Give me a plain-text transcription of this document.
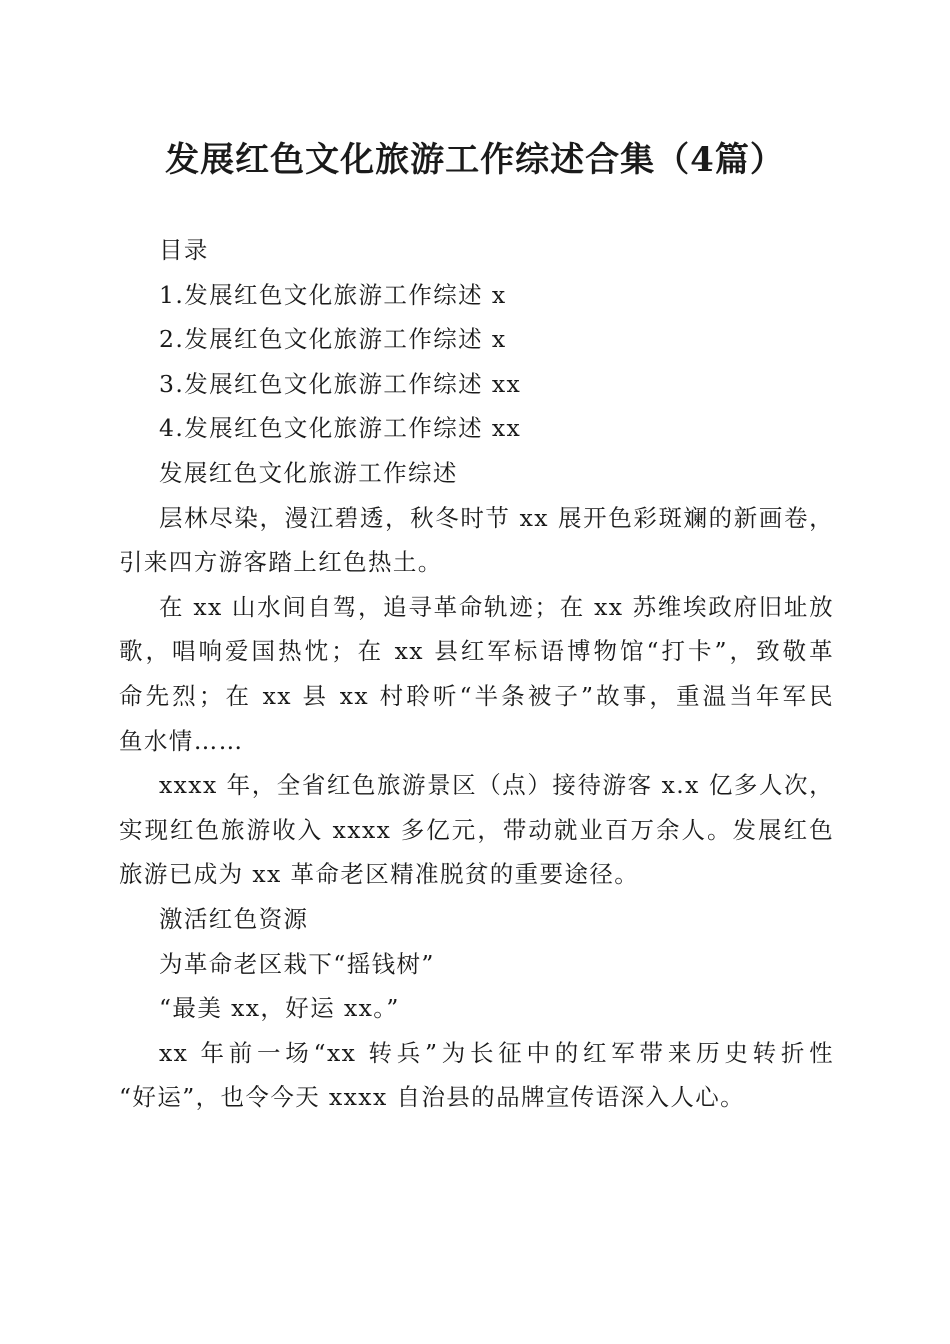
发展红色文化旅游工作综述合集（4篇）
目录
1.发展红色文化旅游工作综述 x
2.发展红色文化旅游工作综述 x
3.发展红色文化旅游工作综述 xx
4.发展红色文化旅游工作综述 xx
发展红色文化旅游工作综述
层林尽染，漫江碧透，秋冬时节 xx 展开色彩斑斓的新画卷，
引来四方游客踏上红色热土。
在 xx 山水间自驾，追寻革命轨迹；在 xx 苏维埃政府旧址放
歌，唱响爱国热忱；在 xx 县红军标语博物馆“打卡”，致敬革
命先烈；在 xx 县 xx 村聆听“半条被子”故事，重温当年军民
鱼水情……
xxxx 年，全省红色旅游景区（点）接待游客 x.x 亿多人次，
实现红色旅游收入 xxxx 多亿元，带动就业百万余人。发展红色
旅游已成为 xx 革命老区精准脱贫的重要途径。
激活红色资源
为革命老区栽下“摇钱树”
“最美 xx，好运 xx。”
xx 年前一场“xx 转兵”为长征中的红军带来历史转折性
“好运”，也令今天 xxxx 自治县的品牌宣传语深入人心。
